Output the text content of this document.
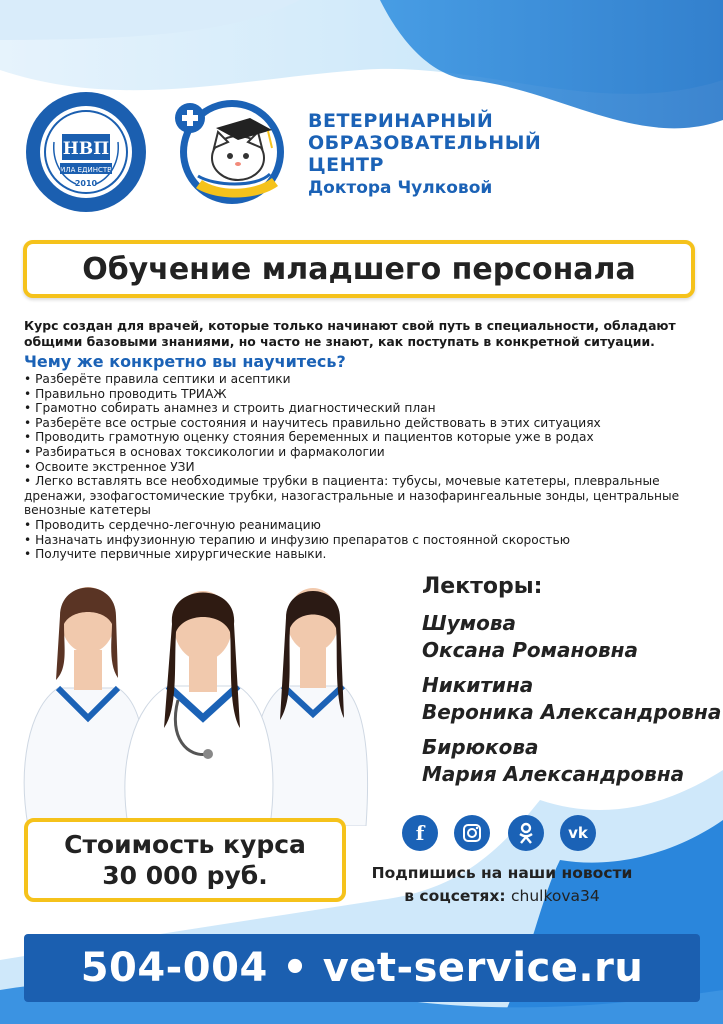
НВП
СИЛА ЕДИНСТВА
2010
ВЕТЕРИНАРНЫЙ
ОБРАЗОВАТЕЛЬНЫЙ
ЦЕНТР
Доктора Чулковой
Обучение младшего персонала
Курс создан для врачей, которые только начинают свой путь в специальности, обладают общими базовыми знаниями, но часто не знают, как поступать в конкретной ситуации.
Чему же конкретно вы научитесь?
• Разберёте правила септики и асептики
• Правильно проводить ТРИАЖ
• Грамотно собирать анамнез и строить диагностический план
• Разберёте все острые состояния и научитесь правильно действовать в этих ситуациях
• Проводить грамотную оценку стояния беременных и пациентов которые уже в родах
• Разбираться в основах токсикологии и фармакологии
• Освоите экстренное УЗИ
• Легко вставлять все необходимые трубки в пациента: тубусы, мочевые катетеры, плевральные дренажи, эзофагостомические трубки, назогастральные и назофарингеальные зонды, центральные венозные катетеры
• Проводить сердечно-легочную реанимацию
• Назначать инфузионную терапию и инфузию препаратов с постоянной скоростью
• Получите первичные хирургические навыки.
Лекторы:
Шумова
Оксана Романовна
Никитина
Вероника Александровна
Бирюкова
Мария Александровна
Стоимость курса
30 000 руб.
f	vk
Подпишись на наши новости
в соцсетях: chulkova34
504-004 • vet-service.ru
